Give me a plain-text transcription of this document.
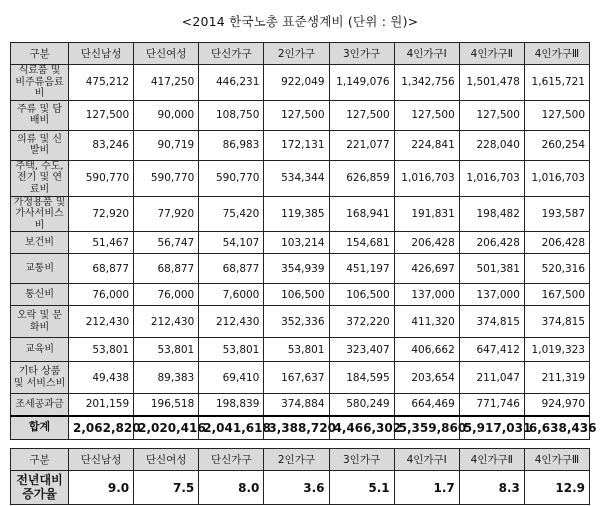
<2014 한국노총 표준생계비 (단위 : 원)>
구분	단신남성	단신여성	단신가구	2인가구	3인가구	4인가구Ⅰ	4인가구Ⅱ	4인가구Ⅲ
식료품 및 비주류음료비	475,212	417,250	446,231	922,049	1,149,076	1,342,756	1,501,478	1,615,721
주류 및 담배비	127,500	90,000	108,750	127,500	127,500	127,500	127,500	127,500
의류 및 신발비	83,246	90,719	86,983	172,131	221,077	224,841	228,040	260,254
주택, 수도, 전기 및 연료비	590,770	590,770	590,770	534,344	626,859	1,016,703	1,016,703	1,016,703
가정용품 및 가사서비스비	72,920	77,920	75,420	119,385	168,941	191,831	198,482	193,587
보건비	51,467	56,747	54,107	103,214	154,681	206,428	206,428	206,428
교통비	68,877	68,877	68,877	354,939	451,197	426,697	501,381	520,316
통신비	76,000	76,000	7,6000	106,500	106,500	137,000	137,000	167,500
오락 및 문화비	212,430	212,430	212,430	352,336	372,220	411,320	374,815	374,815
교육비	53,801	53,801	53,801	53,801	323,407	406,662	647,412	1,019,323
기타 상품 및 서비스비	49,438	89,383	69,410	167,637	184,595	203,654	211,047	211,319
조세공과금	201,159	196,518	198,839	374,884	580,249	664,469	771,746	924,970
합계	2,062,820	2,020,416	2,041,618	3,388,720	4,466,302	5,359,860	5,917,031	6,638,436
구분	단신남성	단신여성	단신가구	2인가구	3인가구	4인가구Ⅰ	4인가구Ⅱ	4인가구Ⅲ
전년대비 증가율	9.0	7.5	8.0	3.6	5.1	1.7	8.3	12.9
